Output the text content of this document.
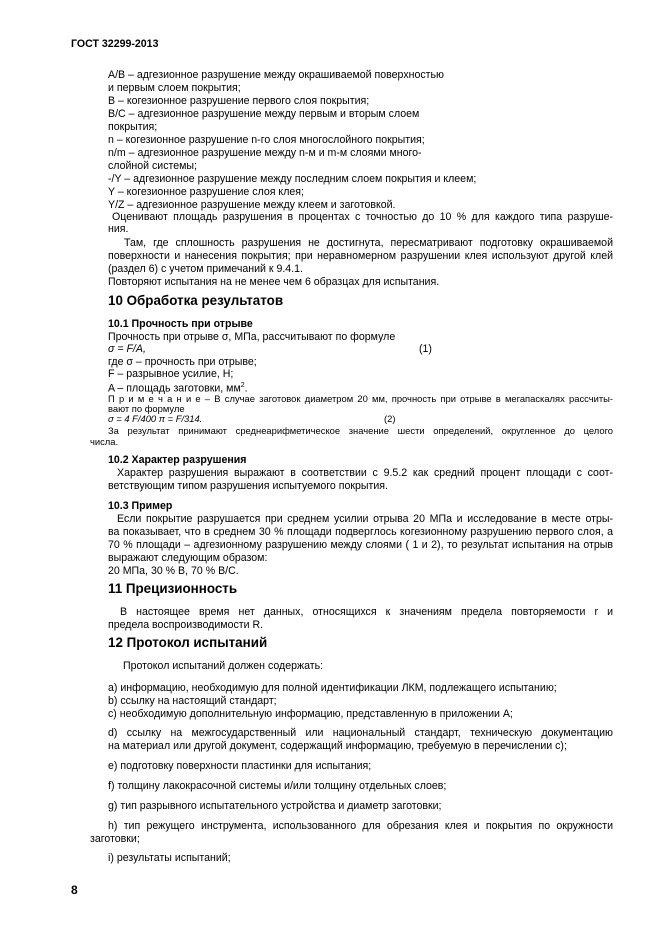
ГОСТ 32299-2013
A/B – адгезионное разрушение между окрашиваемой поверхностью
и первым слоем покрытия;
B – когезионное разрушение первого слоя покрытия;
B/C – адгезионное разрушение между первым и вторым слоем
покрытия;
n – когезионное разрушение n-го слоя многослойного покрытия;
n/m – адгезионное разрушение между n-м и m-м слоями много-
слойной системы;
-/Y – адгезионное разрушение между последним слоем покрытия и клеем;
Y – когезионное разрушение слоя клея;
Y/Z – адгезионное разрушение между клеем и заготовкой.
Оценивают площадь разрушения в процентах с точностью до 10 % для каждого типа разруше-
ния.
Там, где сплошность разрушения не достигнута, пересматривают подготовку окрашиваемой
поверхности и нанесения покрытия; при неравномерном разрушении клея используют другой клей
(раздел 6) с учетом примечаний к 9.4.1.
Повторяют испытания на не менее чем 6 образцах для испытания.
10 Обработка результатов
10.1 Прочность при отрыве
Прочность при отрыве σ, МПа, рассчитывают по формуле
σ = F/A,	(1)
где σ – прочность при отрыве;
F – разрывное усилие, Н;
A – площадь заготовки, $мм^2$.
П р и м е ч а н и е – В случае заготовок диаметром 20 мм, прочность при отрыве в мегапаскалях рассчиты-
вают по формуле
σ = 4 F/400 π = F/314.	(2)
За результат принимают среднеарифметическое значение шести определений, округленное до целого
числа.
10.2 Характер разрушения
Характер разрушения выражают в соответствии с 9.5.2 как средний процент площади с соот-
ветствующим типом разрушения испытуемого покрытия.
10.3 Пример
Если покрытие разрушается при среднем усилии отрыва 20 МПа и исследование в месте отры-
ва показывает, что в среднем 30 % площади подверглось когезионному разрушению первого слоя, а
70 % площади – адгезионному разрушению между слоями ( 1 и 2), то результат испытания на отрыв
выражают следующим образом:
20 МПа, 30 % B, 70 % B/C.
11 Прецизионность
В настоящее время нет данных, относящихся к значениям предела повторяемости r и
предела воспроизводимости R.
12 Протокол испытаний
Протокол испытаний должен содержать:
а) информацию, необходимую для полной идентификации ЛКМ, подлежащего испытанию;
b) ссылку на настоящий стандарт;
с) необходимую дополнительную информацию, представленную в приложении А;
d) ссылку на межгосударственный или национальный стандарт, техническую документацию
на материал или другой документ, содержащий информацию, требуемую в перечислении с);
е) подготовку поверхности пластинки для испытания;
f) толщину лакокрасочной системы и/или толщину отдельных слоев;
g) тип разрывного испытательного устройства и диаметр заготовки;
h) тип режущего инструмента, использованного для обрезания клея и покрытия по окружности
заготовки;
i) результаты испытаний;
8
